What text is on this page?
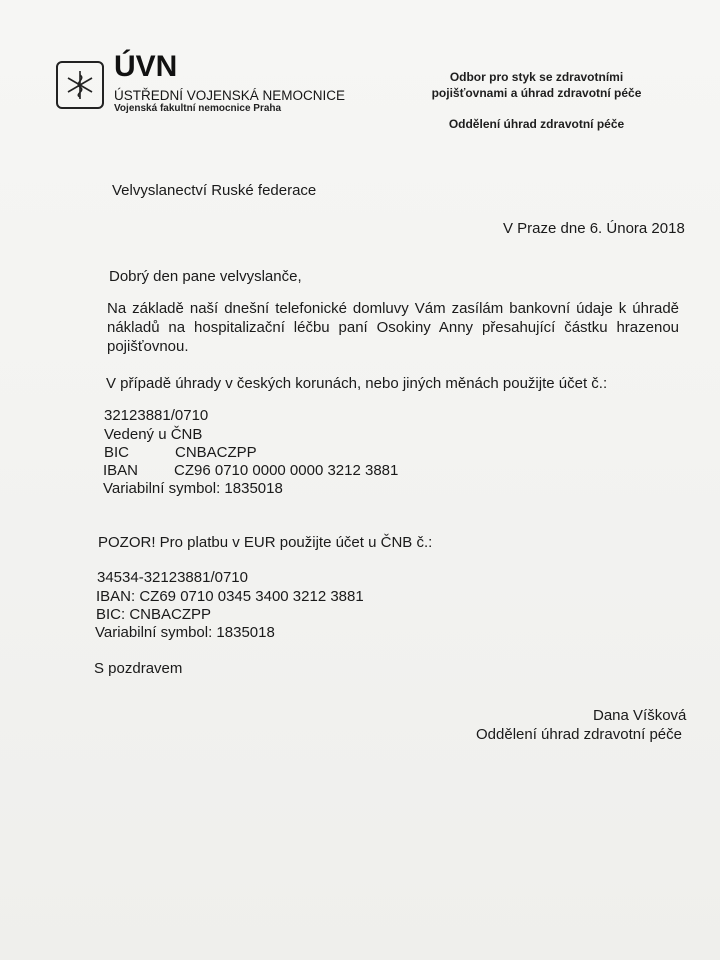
ÚVN
ÚSTŘEDNÍ VOJENSKÁ NEMOCNICE
Vojenská fakultní nemocnice Praha
Odbor pro styk se zdravotními
pojišťovnami a úhrad zdravotní péče
Oddělení úhrad zdravotní péče
Velvyslanectví Ruské federace
V Praze dne 6. Února 2018
Dobrý den pane velvyslanče,
Na základě naší dnešní telefonické domluvy Vám zasílám bankovní údaje k úhradě
nákladů na hospitalizační léčbu paní Osokiny Anny přesahující částku hrazenou
pojišťovnou.
V případě úhrady v českých korunách, nebo jiných měnách použijte účet č.:
32123881/0710
Vedený u ČNB
BIC	CNBACZPP
IBAN CZ96 0710 0000 0000 3212 3881
Variabilní symbol: 1835018
POZOR! Pro platbu v EUR použijte účet u ČNB č.:
34534-32123881/0710
IBAN: CZ69 0710 0345 3400 3212 3881
BIC: CNBACZPP
Variabilní symbol: 1835018
S pozdravem
Dana Víšková
Oddělení úhrad zdravotní péče
